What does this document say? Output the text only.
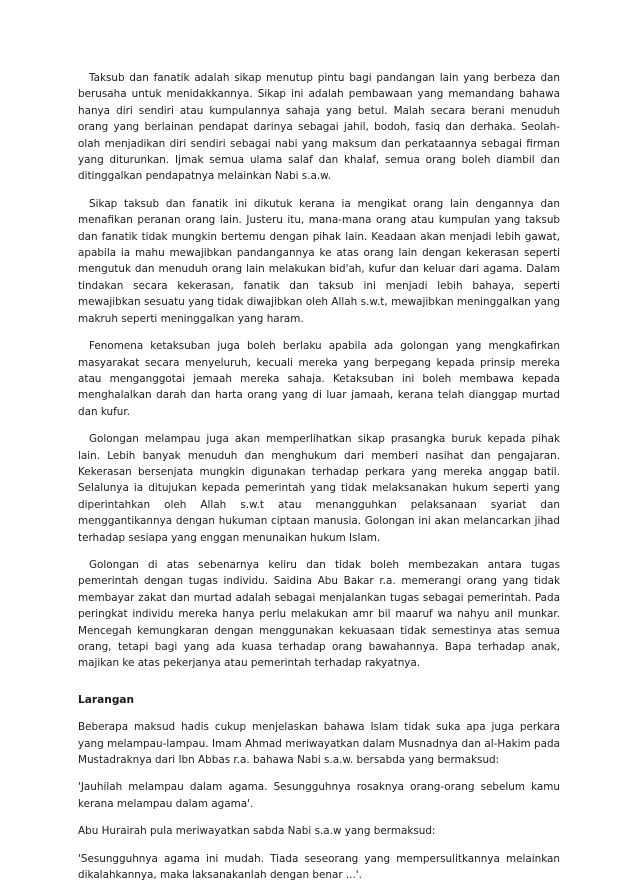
Taksub dan fanatik adalah sikap menutup pintu bagi pandangan lain yang berbeza dan berusaha untuk menidakkannya. Sikap ini adalah pembawaan yang memandang bahawa hanya diri sendiri atau kumpulannya sahaja yang betul. Malah secara berani menuduh orang yang berlainan pendapat darinya sebagai jahil, bodoh, fasiq dan derhaka. Seolah-olah menjadikan diri sendiri sebagai nabi yang maksum dan perkataannya sebagai firman yang diturunkan. Ijmak semua ulama salaf dan khalaf, semua orang boleh diambil dan ditinggalkan pendapatnya melainkan Nabi s.a.w.

Sikap taksub dan fanatik ini dikutuk kerana ia mengikat orang lain dengannya dan menafikan peranan orang lain. Justeru itu, mana-mana orang atau kumpulan yang taksub dan fanatik tidak mungkin bertemu dengan pihak lain. Keadaan akan menjadi lebih gawat, apabila ia mahu mewajibkan pandangannya ke atas orang lain dengan kekerasan seperti mengutuk dan menuduh orang lain melakukan bid'ah, kufur dan keluar dari agama. Dalam tindakan secara kekerasan, fanatik dan taksub ini menjadi lebih bahaya, seperti mewajibkan sesuatu yang tidak diwajibkan oleh Allah s.w.t, mewajibkan meninggalkan yang makruh seperti meninggalkan yang haram.

Fenomena ketaksuban juga boleh berlaku apabila ada golongan yang mengkafirkan masyarakat secara menyeluruh, kecuali mereka yang berpegang kepada prinsip mereka atau menganggotai jemaah mereka sahaja. Ketaksuban ini boleh membawa kepada menghalalkan darah dan harta orang yang di luar jamaah, kerana telah dianggap murtad dan kufur.

Golongan melampau juga akan memperlihatkan sikap prasangka buruk kepada pihak lain. Lebih banyak menuduh dan menghukum dari memberi nasihat dan pengajaran. Kekerasan bersenjata mungkin digunakan terhadap perkara yang mereka anggap batil. Selalunya ia ditujukan kepada pemerintah yang tidak melaksanakan hukum seperti yang diperintahkan oleh Allah s.w.t atau menangguhkan pelaksanaan syariat dan menggantikannya dengan hukuman ciptaan manusia. Golongan ini akan melancarkan jihad terhadap sesiapa yang enggan menunaikan hukum Islam.

Golongan di atas sebenarnya keliru dan tidak boleh membezakan antara tugas pemerintah dengan tugas individu. Saidina Abu Bakar r.a. memerangi orang yang tidak membayar zakat dan murtad adalah sebagai menjalankan tugas sebagai pemerintah. Pada peringkat individu mereka hanya perlu melakukan amr bil maaruf wa nahyu anil munkar. Mencegah kemungkaran dengan menggunakan kekuasaan tidak semestinya atas semua orang, tetapi bagi yang ada kuasa terhadap orang bawahannya. Bapa terhadap anak, majikan ke atas pekerjanya atau pemerintah terhadap rakyatnya.

Larangan

Beberapa maksud hadis cukup menjelaskan bahawa Islam tidak suka apa juga perkara yang melampau-lampau. Imam Ahmad meriwayatkan dalam Musnadnya dan al-Hakim pada Mustadraknya dari Ibn Abbas r.a. bahawa Nabi s.a.w. bersabda yang bermaksud:

'Jauhilah melampau dalam agama. Sesungguhnya rosaknya orang-orang sebelum kamu kerana melampau dalam agama'.

Abu Hurairah pula meriwayatkan sabda Nabi s.a.w yang bermaksud:

'Sesungguhnya agama ini mudah. Tiada seseorang yang mempersulitkannya melainkan dikalahkannya, maka laksanakanlah dengan benar ...'.
